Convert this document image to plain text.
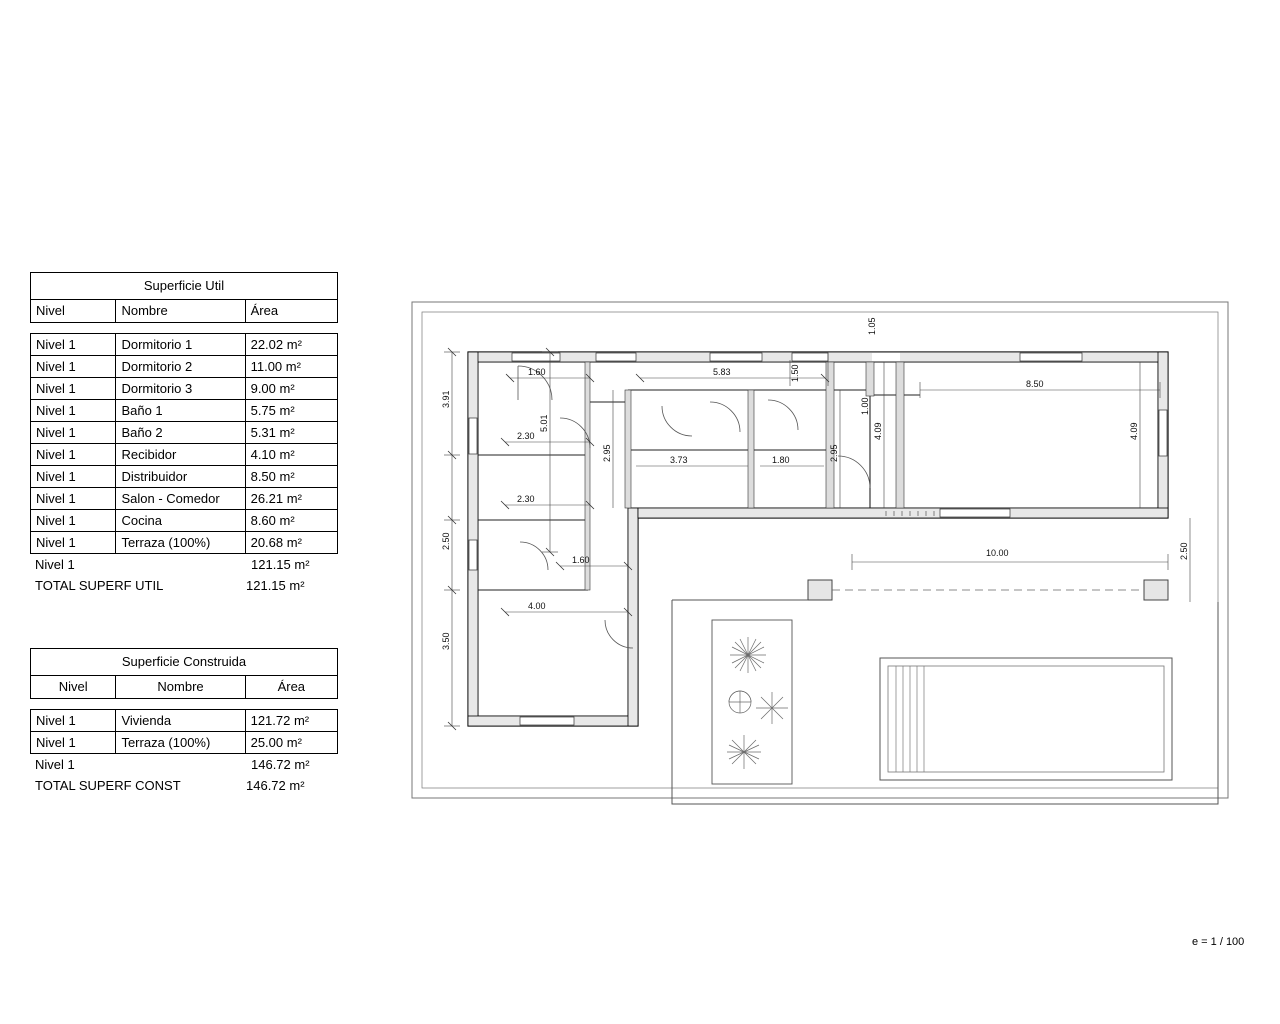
Superficie Util
Nivel	Nombre	Área
Nivel 1	Dormitorio 1	22.02 m²
Nivel 1	Dormitorio 2	11.00 m²
Nivel 1	Dormitorio 3	9.00 m²
Nivel 1	Baño 1	5.75 m²
Nivel 1	Baño 2	5.31 m²
Nivel 1	Recibidor	4.10 m²
Nivel 1	Distribuidor	8.50 m²
Nivel 1	Salon - Comedor	26.21 m²
Nivel 1	Cocina	8.60 m²
Nivel 1	Terraza (100%)	20.68 m²
Nivel 1	121.15 m²
TOTAL SUPERF UTIL	121.15 m²
Superficie Construida
Nivel	Nombre	Área
Nivel 1	Vivienda	121.72 m²
Nivel 1	Terraza (100%)	25.00 m²
Nivel 1	146.72 m²
TOTAL SUPERF CONST	146.72 m²
1.60	5.83
8.50
2.30
2.30
1.60
4.00
3.73	1.80
10.00
1.50
3.91
5.01
2.50
3.50
2.95	2.95
4.09	4.09
1.00
1.05
2.50
e = 1 / 100
